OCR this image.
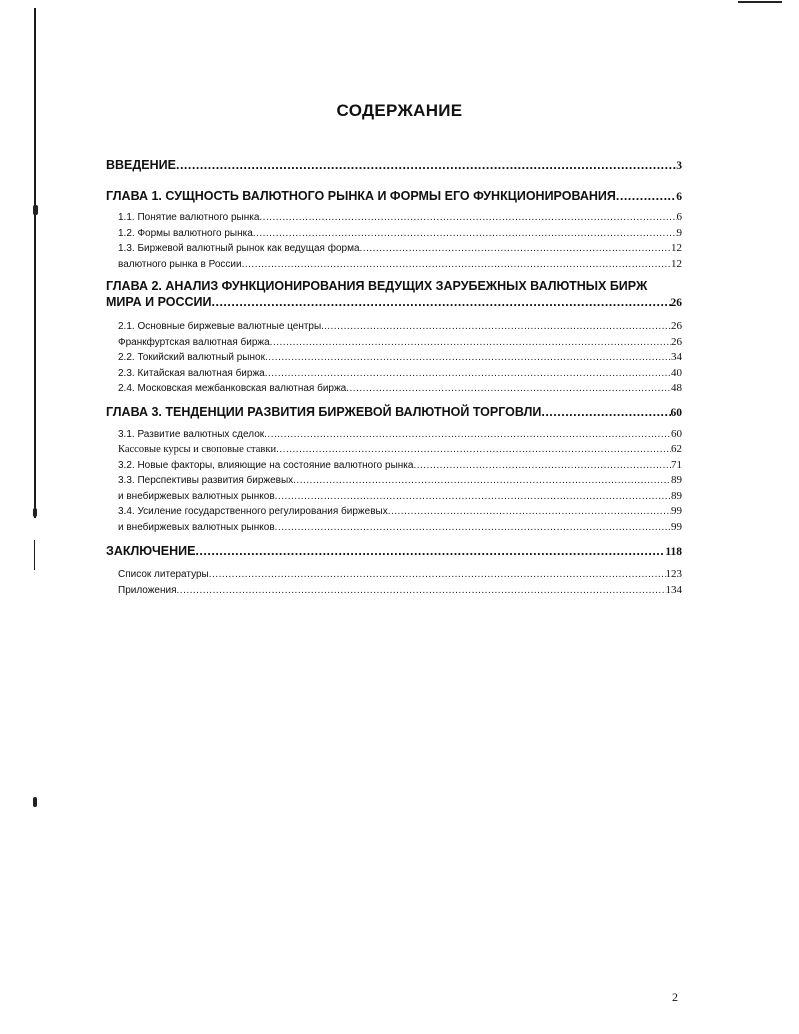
СОДЕРЖАНИЕ
ВВЕДЕНИЕ .....	3
ГЛАВА 1. СУЩНОСТЬ ВАЛЮТНОГО РЫНКА И ФОРМЫ ЕГО ФУНКЦИОНИРОВАНИЯ .....	6
1.1. Понятие валютного рынка .....	6
1.2. Формы валютного рынка .....	9
1.3. Биржевой валютный рынок как ведущая форма .....	12
валютного рынка в России .....	12
ГЛАВА 2. АНАЛИЗ ФУНКЦИОНИРОВАНИЯ ВЕДУЩИХ ЗАРУБЕЖНЫХ ВАЛЮТНЫХ БИРЖ
МИРА И РОССИИ .....	26
2.1. Основные биржевые валютные центры. .....	26
Франкфуртская валютная биржа .....	26
2.2. Токийский валютный рынок .....	34
2.3. Китайская валютная биржа .....	40
2.4. Московская межбанковская валютная биржа .....	48
ГЛАВА 3. ТЕНДЕНЦИИ РАЗВИТИЯ БИРЖЕВОЙ ВАЛЮТНОЙ ТОРГОВЛИ .....	60
3.1. Развитие валютных сделок .....	60
Кассовые курсы и свопoвые ставки .....	62
3.2. Новые факторы, влияющие на состояние валютного рынка .....	71
3.3. Перспективы развития биржевых .....	89
и внебиржевых валютных рынков .....	89
3.4. Усиление государственного регулирования биржевых .....	99
и внебиржевых валютных рынков .....	99
ЗАКЛЮЧЕНИЕ .....	118
Список литературы .....	123
Приложения .....	134
2
